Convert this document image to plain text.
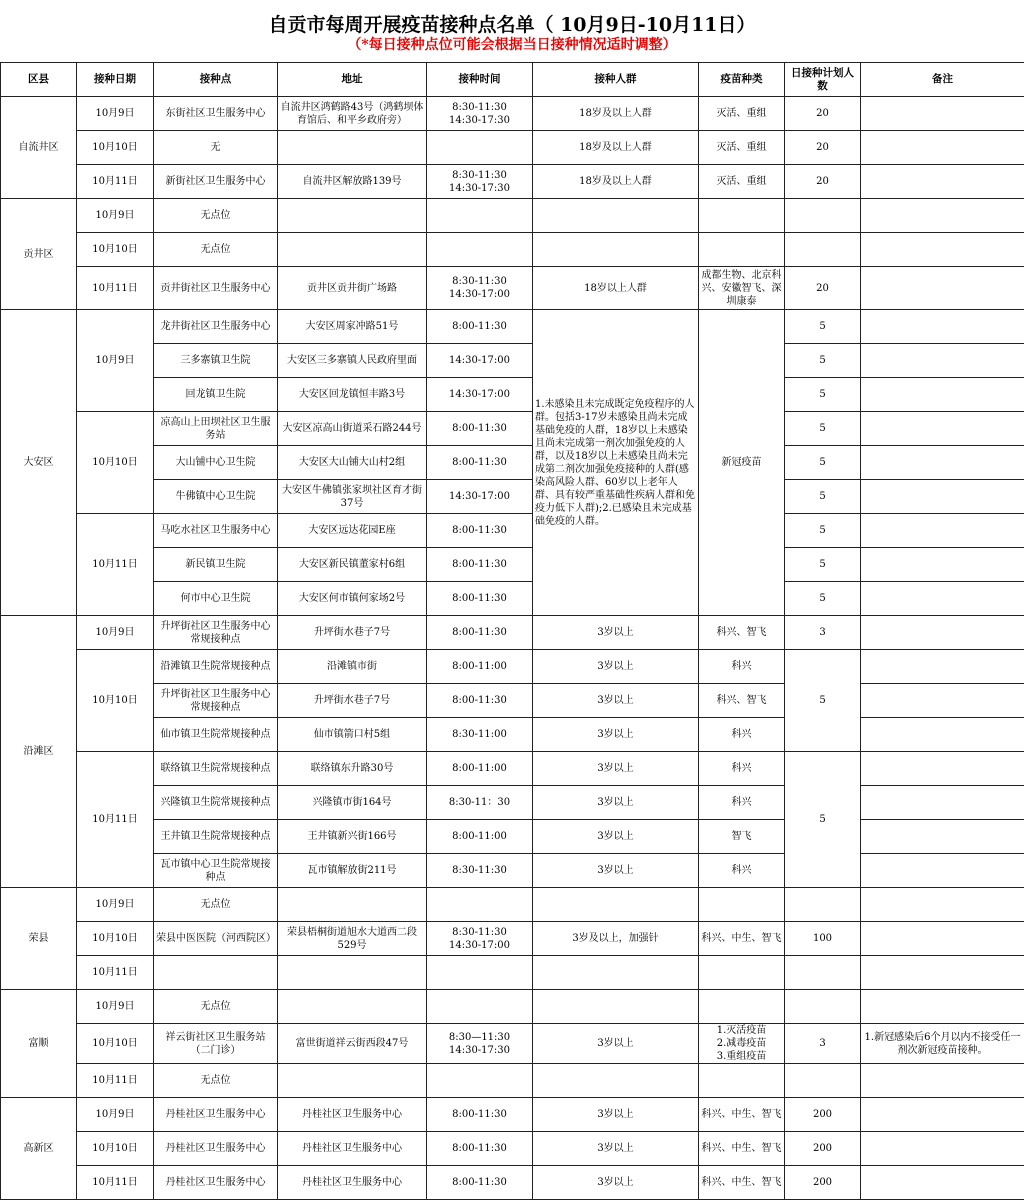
自贡市每周开展疫苗接种点名单（ 10月9日-10月11日）
（*每日接种点位可能会根据当日接种情况适时调整）
区县	接种日期	接种点	地址	接种时间	接种人群	疫苗种类	日接种计划人数	备注
自流井区	10月9日	东街社区卫生服务中心	自流井区鸿鹤路43号（鸿鹤坝体育馆后、和平乡政府旁）	8:30-11:30
14:30-17:30	18岁及以上人群	灭活、重组	20	
	10月10日	无			18岁及以上人群	灭活、重组	20	
	10月11日	新街社区卫生服务中心	自流井区解放路139号	8:30-11:30
14:30-17:30	18岁及以上人群	灭活、重组	20	
贡井区	10月9日	无点位						
	10月10日	无点位						
	10月11日	贡井街社区卫生服务中心	贡井区贡井街广场路	8:30-11:30
14:30-17:00	18岁以上人群	成都生物、北京科兴、安徽智飞、深圳康泰	20	
大安区	10月9日	龙井街社区卫生服务中心	大安区周家冲路51号	8:00-11:30	1.未感染且未完成既定免疫程序的人群。包括3-17岁未感染且尚未完成基础免疫的人群，18岁以上未感染且尚未完成第一剂次加强免疫的人群，以及18岁以上未感染且尚未完成第二剂次加强免疫接种的人群(感染高风险人群、60岁以上老年人群、具有较严重基础性疾病人群和免疫力低下人群);2.已感染且未完成基础免疫的人群。	新冠疫苗	5	
		三多寨镇卫生院	大安区三多寨镇人民政府里面	14:30-17:00			5	
		回龙镇卫生院	大安区回龙镇恒丰路3号	14:30-17:00			5	
	10月10日	凉高山上田坝社区卫生服务站	大安区凉高山街道采石路244号	8:00-11:30			5	
		大山铺中心卫生院	大安区大山铺大山村2组	8:00-11:30			5	
		牛佛镇中心卫生院	大安区牛佛镇张家坝社区育才街37号	14:30-17:00			5	
	10月11日	马吃水社区卫生服务中心	大安区远达花园E座	8:00-11:30			5	
		新民镇卫生院	大安区新民镇董家村6组	8:00-11:30			5	
		何市中心卫生院	大安区何市镇何家场2号	8:00-11:30			5	
沿滩区	10月9日	升坪街社区卫生服务中心常规接种点	升坪街水巷子7号	8:00-11:30	3岁以上	科兴、智飞	3	
	10月10日	沿滩镇卫生院常规接种点	沿滩镇市街	8:00-11:00	3岁以上	科兴	5	
		升坪街社区卫生服务中心常规接种点	升坪街水巷子7号	8:00-11:30	3岁以上	科兴、智飞		
		仙市镇卫生院常规接种点	仙市镇箭口村5组	8:30-11:00	3岁以上	科兴		
	10月11日	联络镇卫生院常规接种点	联络镇东升路30号	8:00-11:00	3岁以上	科兴	5	
		兴隆镇卫生院常规接种点	兴隆镇市街164号	8:30-11：30	3岁以上	科兴		
		王井镇卫生院常规接种点	王井镇新兴街166号	8:00-11:00	3岁以上	智飞		
		瓦市镇中心卫生院常规接种点	瓦市镇解放街211号	8:30-11:30	3岁以上	科兴		
荣县	10月9日	无点位						
	10月10日	荣县中医医院（河西院区）	荣县梧桐街道旭水大道西二段529号	8:30-11:30
14:30-17:00	3岁及以上，加强针	科兴、中生、智飞	100	
	10月11日							
富顺	10月9日	无点位						
	10月10日	祥云街社区卫生服务站（二门诊）	富世街道祥云街西段47号	8:30—11:30
14:30-17:30	3岁以上	1.灭活疫苗
2.减毒疫苗
3.重组疫苗	3	1.新冠感染后6个月以内不接受任一剂次新冠疫苗接种。
	10月11日	无点位						
高新区	10月9日	丹桂社区卫生服务中心	丹桂社区卫生服务中心	8:00-11:30	3岁以上	科兴、中生、智飞	200	
	10月10日	丹桂社区卫生服务中心	丹桂社区卫生服务中心	8:00-11:30	3岁以上	科兴、中生、智飞	200	
	10月11日	丹桂社区卫生服务中心	丹桂社区卫生服务中心	8:00-11:30	3岁以上	科兴、中生、智飞	200	
